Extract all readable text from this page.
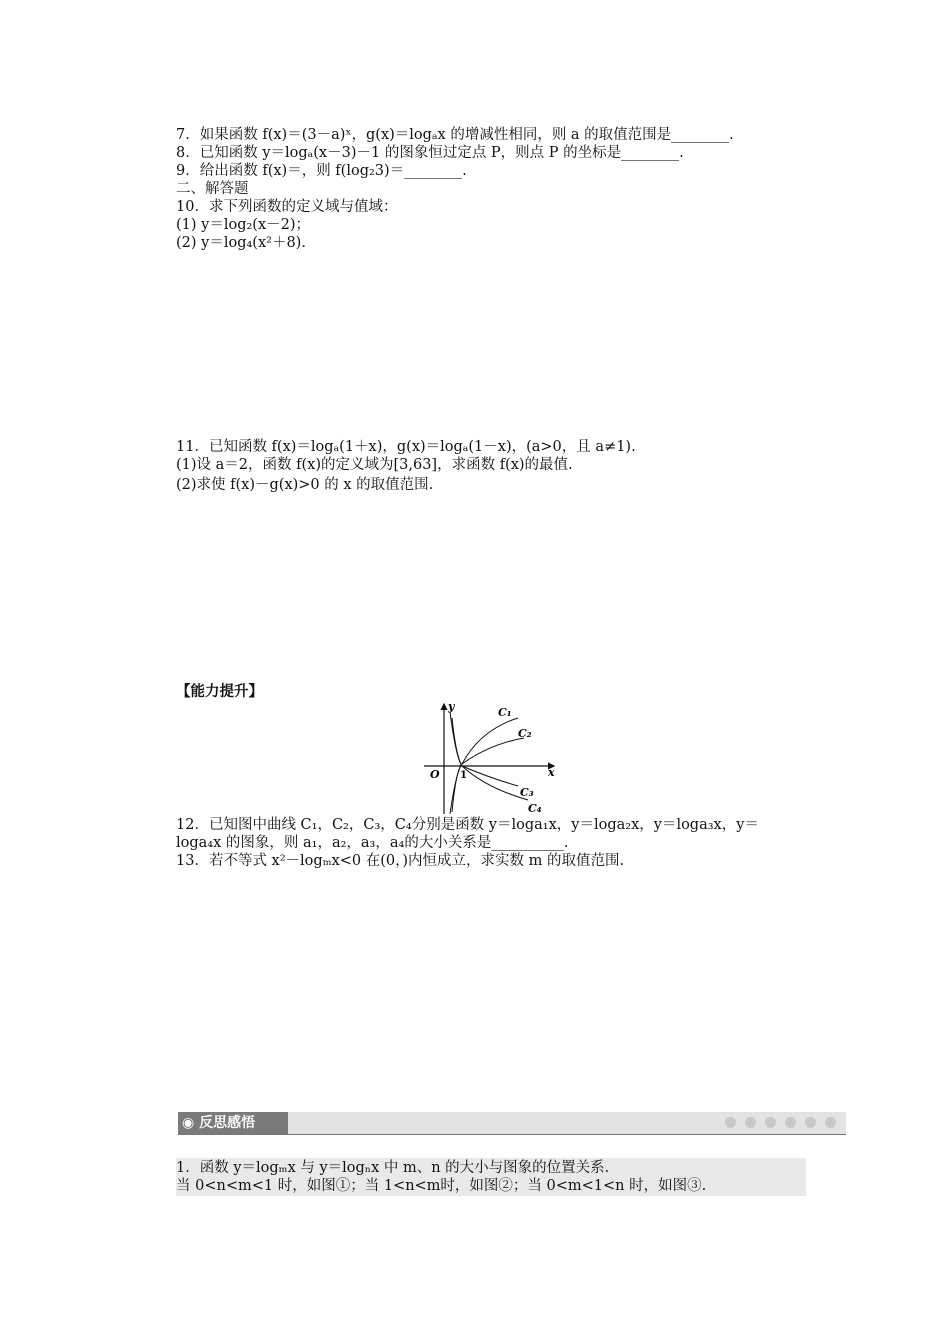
7．如果函数 f(x)＝(3－a)ˣ，g(x)＝logₐx 的增减性相同，则 a 的取值范围是________.
8．已知函数 y＝logₐ(x－3)－1 的图象恒过定点 P，则点 P 的坐标是________.
9．给出函数 f(x)＝，则 f(log₂3)＝________.
二、解答题
10．求下列函数的定义域与值域：
(1) y＝log₂(x－2)；
(2) y＝log₄(x²＋8).
11．已知函数 f(x)＝logₐ(1＋x)，g(x)＝logₐ(1－x)，(a>0，且 a≠1).
(1)设 a＝2，函数 f(x)的定义域为[3,63]，求函数 f(x)的最值.
(2)求使 f(x)－g(x)>0 的 x 的取值范围.
【能力提升】
y
x
O 1
C₁
C₂
C₃
C₄
12．已知图中曲线 C₁，C₂，C₃，C₄分别是函数 y＝loga₁x，y＝loga₂x，y＝loga₃x，y＝
loga₄x 的图象，则 a₁，a₂，a₃，a₄的大小关系是__________.
13．若不等式 x²－logₘx<0 在(0，)内恒成立，求实数 m 的取值范围.
◉ 反思感悟
1．函数 y＝logₘx 与 y＝logₙx 中 m、n 的大小与图象的位置关系.
当 0<n<m<1 时，如图①；当 1<n<m时，如图②；当 0<m<1<n 时，如图③.
